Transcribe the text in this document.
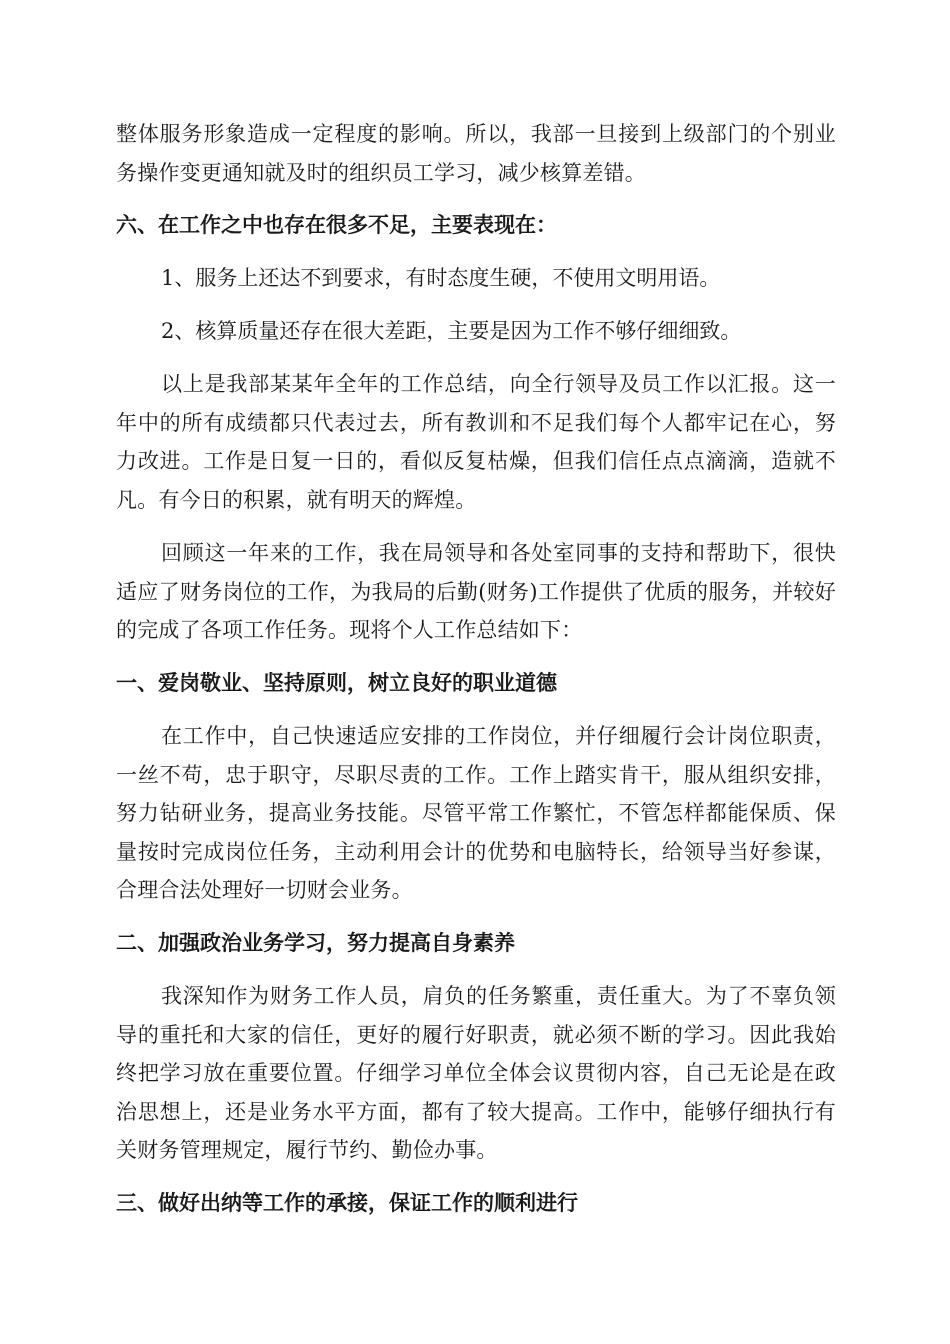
整体服务形象造成一定程度的影响。所以，我部一旦接到上级部门的个别业务操作变更通知就及时的组织员工学习，减少核算差错。

六、在工作之中也存在很多不足，主要表现在：

1、服务上还达不到要求，有时态度生硬，不使用文明用语。

2、核算质量还存在很大差距，主要是因为工作不够仔细细致。

以上是我部某某年全年的工作总结，向全行领导及员工作以汇报。这一年中的所有成绩都只代表过去，所有教训和不足我们每个人都牢记在心，努力改进。工作是日复一日的，看似反复枯燥，但我们信任点点滴滴，造就不凡。有今日的积累，就有明天的辉煌。

回顾这一年来的工作，我在局领导和各处室同事的支持和帮助下，很快适应了财务岗位的工作，为我局的后勤(财务)工作提供了优质的服务，并较好的完成了各项工作任务。现将个人工作总结如下：

一、爱岗敬业、坚持原则，树立良好的职业道德

在工作中，自己快速适应安排的工作岗位，并仔细履行会计岗位职责，一丝不苟，忠于职守，尽职尽责的工作。工作上踏实肯干，服从组织安排，努力钻研业务，提高业务技能。尽管平常工作繁忙，不管怎样都能保质、保量按时完成岗位任务，主动利用会计的优势和电脑特长，给领导当好参谋，合理合法处理好一切财会业务。

二、加强政治业务学习，努力提高自身素养

我深知作为财务工作人员，肩负的任务繁重，责任重大。为了不辜负领导的重托和大家的信任，更好的履行好职责，就必须不断的学习。因此我始终把学习放在重要位置。仔细学习单位全体会议贯彻内容，自己无论是在政治思想上，还是业务水平方面，都有了较大提高。工作中，能够仔细执行有关财务管理规定，履行节约、勤俭办事。

三、做好出纳等工作的承接，保证工作的顺利进行
